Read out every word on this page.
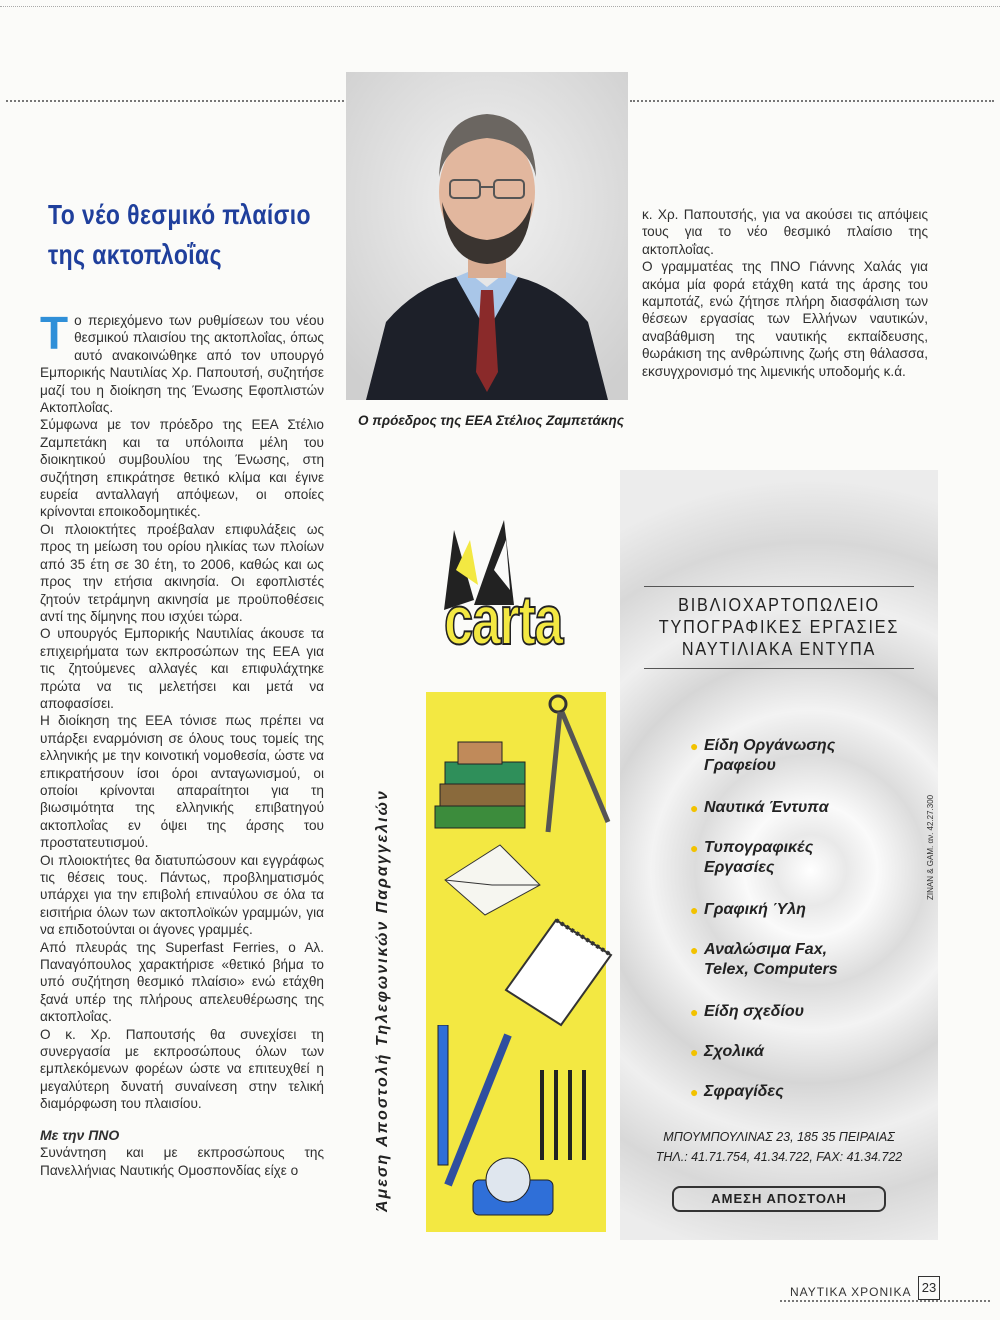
Το νέο θεσμικό πλαίσιο
της ακτοπλοΐας
Τ ο περιεχόμενο των ρυθμίσεων του νέου θεσμικού πλαισίου της ακτοπλοΐας, όπως αυτό ανακοινώθηκε από τον υπουργό Εμπορικής Ναυτιλίας Χρ. Παπουτσή, συζητήσε μαζί του η διοίκηση της Ένωσης Εφοπλιστών Ακτοπλοΐας.

Σύμφωνα με τον πρόεδρο της ΕΕΑ Στέλιο Ζαμπετάκη και τα υπόλοιπα μέλη του διοικητικού συμβουλίου της Ένωσης, στη συζήτηση επικράτησε θετικό κλίμα και έγινε ευρεία ανταλλαγή απόψεων, οι οποίες κρίνονται εποικοδομητικές.

Οι πλοιοκτήτες προέβαλαν επιφυλάξεις ως προς τη μείωση του ορίου ηλικίας των πλοίων από 35 έτη σε 30 έτη, το 2006, καθώς και ως προς την ετήσια ακινησία. Οι εφοπλιστές ζητούν τετράμηνη ακινησία με προϋποθέσεις αντί της δίμηνης που ισχύει τώρα.

Ο υπουργός Εμπορικής Ναυτιλίας άκουσε τα επιχειρήματα των εκπροσώπων της ΕΕΑ για τις ζητούμενες αλλαγές και επιφυλάχτηκε πρώτα να τις μελετήσει και μετά να αποφασίσει.

Η διοίκηση της ΕΕΑ τόνισε πως πρέπει να υπάρξει εναρμόνιση σε όλους τους τομείς της ελληνικής με την κοινοτική νομοθεσία, ώστε να επικρατήσουν ίσοι όροι ανταγωνισμού, οι οποίοι κρίνονται απαραίτητοι για τη βιωσιμότητα της ελληνικής επιβατηγού ακτοπλοΐας εν όψει της άρσης του προστατευτισμού.

Οι πλοιοκτήτες θα διατυπώσουν και εγγράφως τις θέσεις τους. Πάντως, προβληματισμός υπάρχει για την επιβολή επιναύλου σε όλα τα εισιτήρια όλων των ακτοπλοϊκών γραμμών, για να επιδοτούνται οι άγονες γραμμές.

Από πλευράς της Superfast Ferries, ο Αλ. Παναγόπουλος χαρακτήρισε «θετικό βήμα το υπό συζήτηση θεσμικό πλαίσιο» ενώ ετάχθη ξανά υπέρ της πλήρους απελευθέρωσης της ακτοπλοΐας.

Ο κ. Χρ. Παπουτσής θα συνεχίσει τη συνεργασία με εκπροσώπους όλων των εμπλεκόμενων φορέων ώστε να επιτευχθεί η μεγαλύτερη δυνατή συναίνεση στην τελική διαμόρφωση του πλαισίου.

Με την ΠΝΟ

Συνάντηση και με εκπροσώπους της Πανελλήνιας Ναυτικής Ομοσπονδίας είχε ο

Ο πρόεδρος της ΕΕΑ Στέλιος Ζαμπετάκης

κ. Χρ. Παπουτσής, για να ακούσει τις απόψεις τους για το νέο θεσμικό πλαίσιο της ακτοπλοΐας.

Ο γραμματέας της ΠΝΟ Γιάννης Χαλάς για ακόμα μία φορά ετάχθη κατά της άρσης του καμποτάζ, ενώ ζήτησε πλήρη διασφάλιση των θέσεων εργασίας των Ελλήνων ναυτικών, αναβάθμιση της ναυτικής εκπαίδευσης, θωράκιση της ανθρώπινης ζωής στη θάλασσα, εκσυγχρονισμό της λιμενικής υποδομής κ.ά.

carta
Άμεση Αποστολή Τηλεφωνικών Παραγγελιών
ΒΙΒΛΙΟΧΑΡΤΟΠΩΛΕΙΟ
ΤΥΠΟΓΡΑΦΙΚΕΣ ΕΡΓΑΣΙΕΣ
ΝΑΥΤΙΛΙΑΚΑ ΕΝΤΥΠΑ
● Είδη Οργάνωσης
Γραφείου
● Ναυτικά Έντυπα
● Τυπογραφικές
Εργασίες
● Γραφική Ύλη
● Αναλώσιμα Fax,
Telex, Computers
● Είδη σχεδίου
● Σχολικά
● Σφραγίδες
ΜΠΟΥΜΠΟΥΛΙΝΑΣ 23, 185 35 ΠΕΙΡΑΙΑΣ
ΤΗΛ.: 41.71.754, 41.34.722, FAX: 41.34.722
ΑΜΕΣΗ ΑΠΟΣΤΟΛΗ
ZINAN & GAM. αν. 42.27.300
ΝΑΥΤΙΚΑ ΧΡΟΝΙΚΑ 23
